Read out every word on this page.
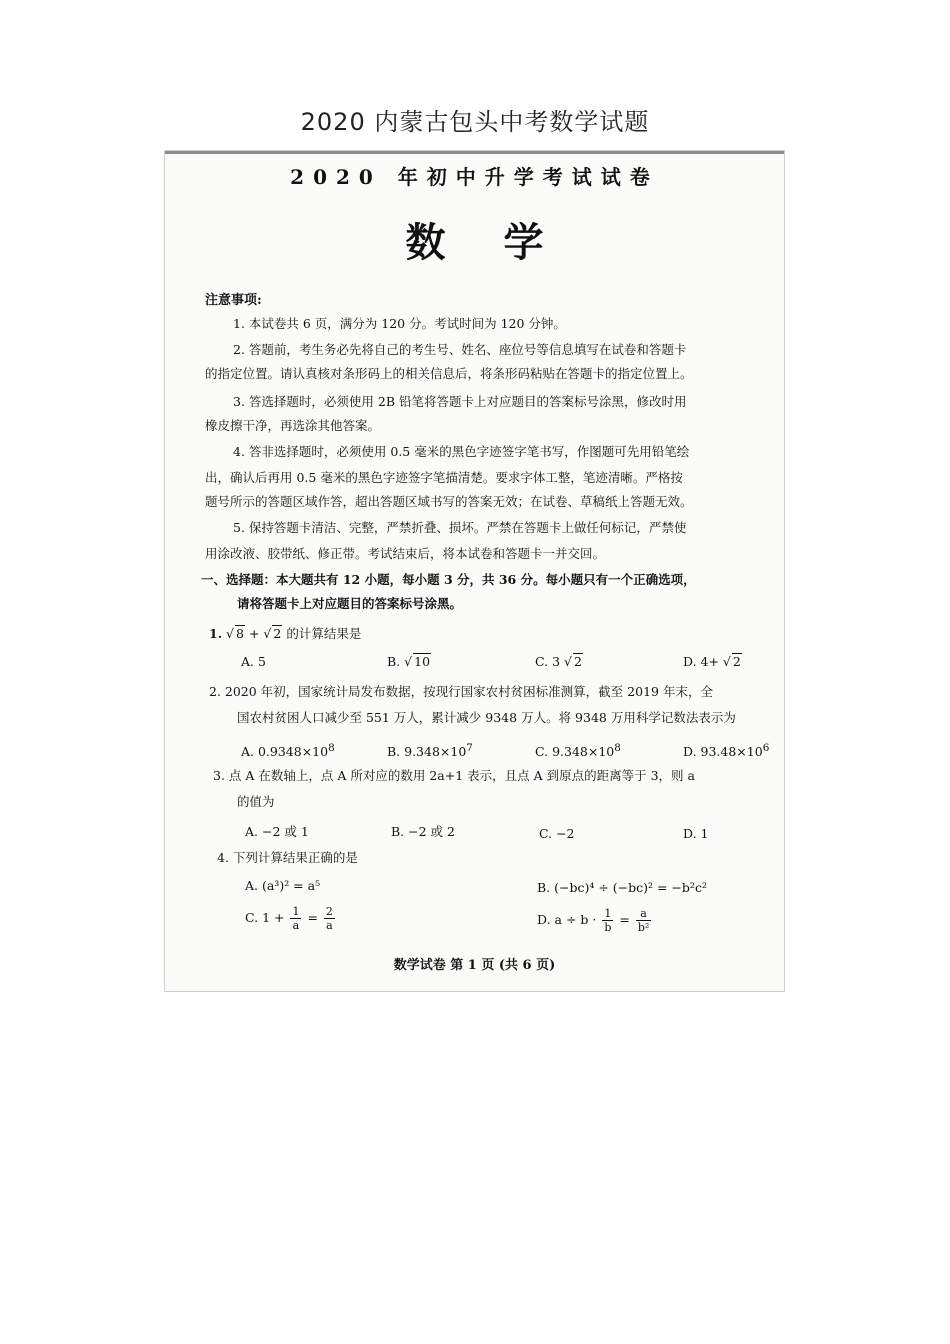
2020 内蒙古包头中考数学试题
2020 年初中升学考试试卷
数学
注意事项:
1. 本试卷共 6 页，满分为 120 分。考试时间为 120 分钟。
2. 答题前，考生务必先将自己的考生号、姓名、座位号等信息填写在试卷和答题卡
的指定位置。请认真核对条形码上的相关信息后，将条形码粘贴在答题卡的指定位置上。
3. 答选择题时，必须使用 2B 铅笔将答题卡上对应题目的答案标号涂黑，修改时用
橡皮擦干净，再选涂其他答案。
4. 答非选择题时，必须使用 0.5 毫米的黑色字迹签字笔书写，作图题可先用铅笔绘
出，确认后再用 0.5 毫米的黑色字迹签字笔描清楚。要求字体工整，笔迹清晰。严格按
题号所示的答题区域作答，超出答题区域书写的答案无效；在试卷、草稿纸上答题无效。
5. 保持答题卡清洁、完整，严禁折叠、损坏。严禁在答题卡上做任何标记，严禁使
用涂改液、胶带纸、修正带。考试结束后，将本试卷和答题卡一并交回。
一、选择题：本大题共有 12 小题，每小题 3 分，共 36 分。每小题只有一个正确选项，
请将答题卡上对应题目的答案标号涂黑。
1. √ 8 + √ 2 的计算结果是
A. 5	B. √ 10	C. 3 √ 2	D. 4+ √ 2
2. 2020 年初，国家统计局发布数据，按现行国家农村贫困标准测算，截至 2019 年末，全
国农村贫困人口减少至 551 万人，累计减少 9348 万人。将 9348 万用科学记数法表示为
A. $0.9348\times 10^8$	B. $9.348\times 10^7$	C. $9.348\times 10^8$	D. $93.48\times 10^6$
3. 点 A 在数轴上，点 A 所对应的数用 2a+1 表示，且点 A 到原点的距离等于 3，则 a
的值为
A. −2 或 1	B. −2 或 2	C. −2	D. 1
4. 下列计算结果正确的是
A. (a³)² = a⁵	B. (−bc)⁴ ÷ (−bc)² = −b²c²
C. $1 + \frac{1}{a} = \frac{2}{a}$	D. $a \div b \cdot \frac{1}{b} = \frac{a}{\text{b²}}$
数学试卷 第 1 页 (共 6 页)
